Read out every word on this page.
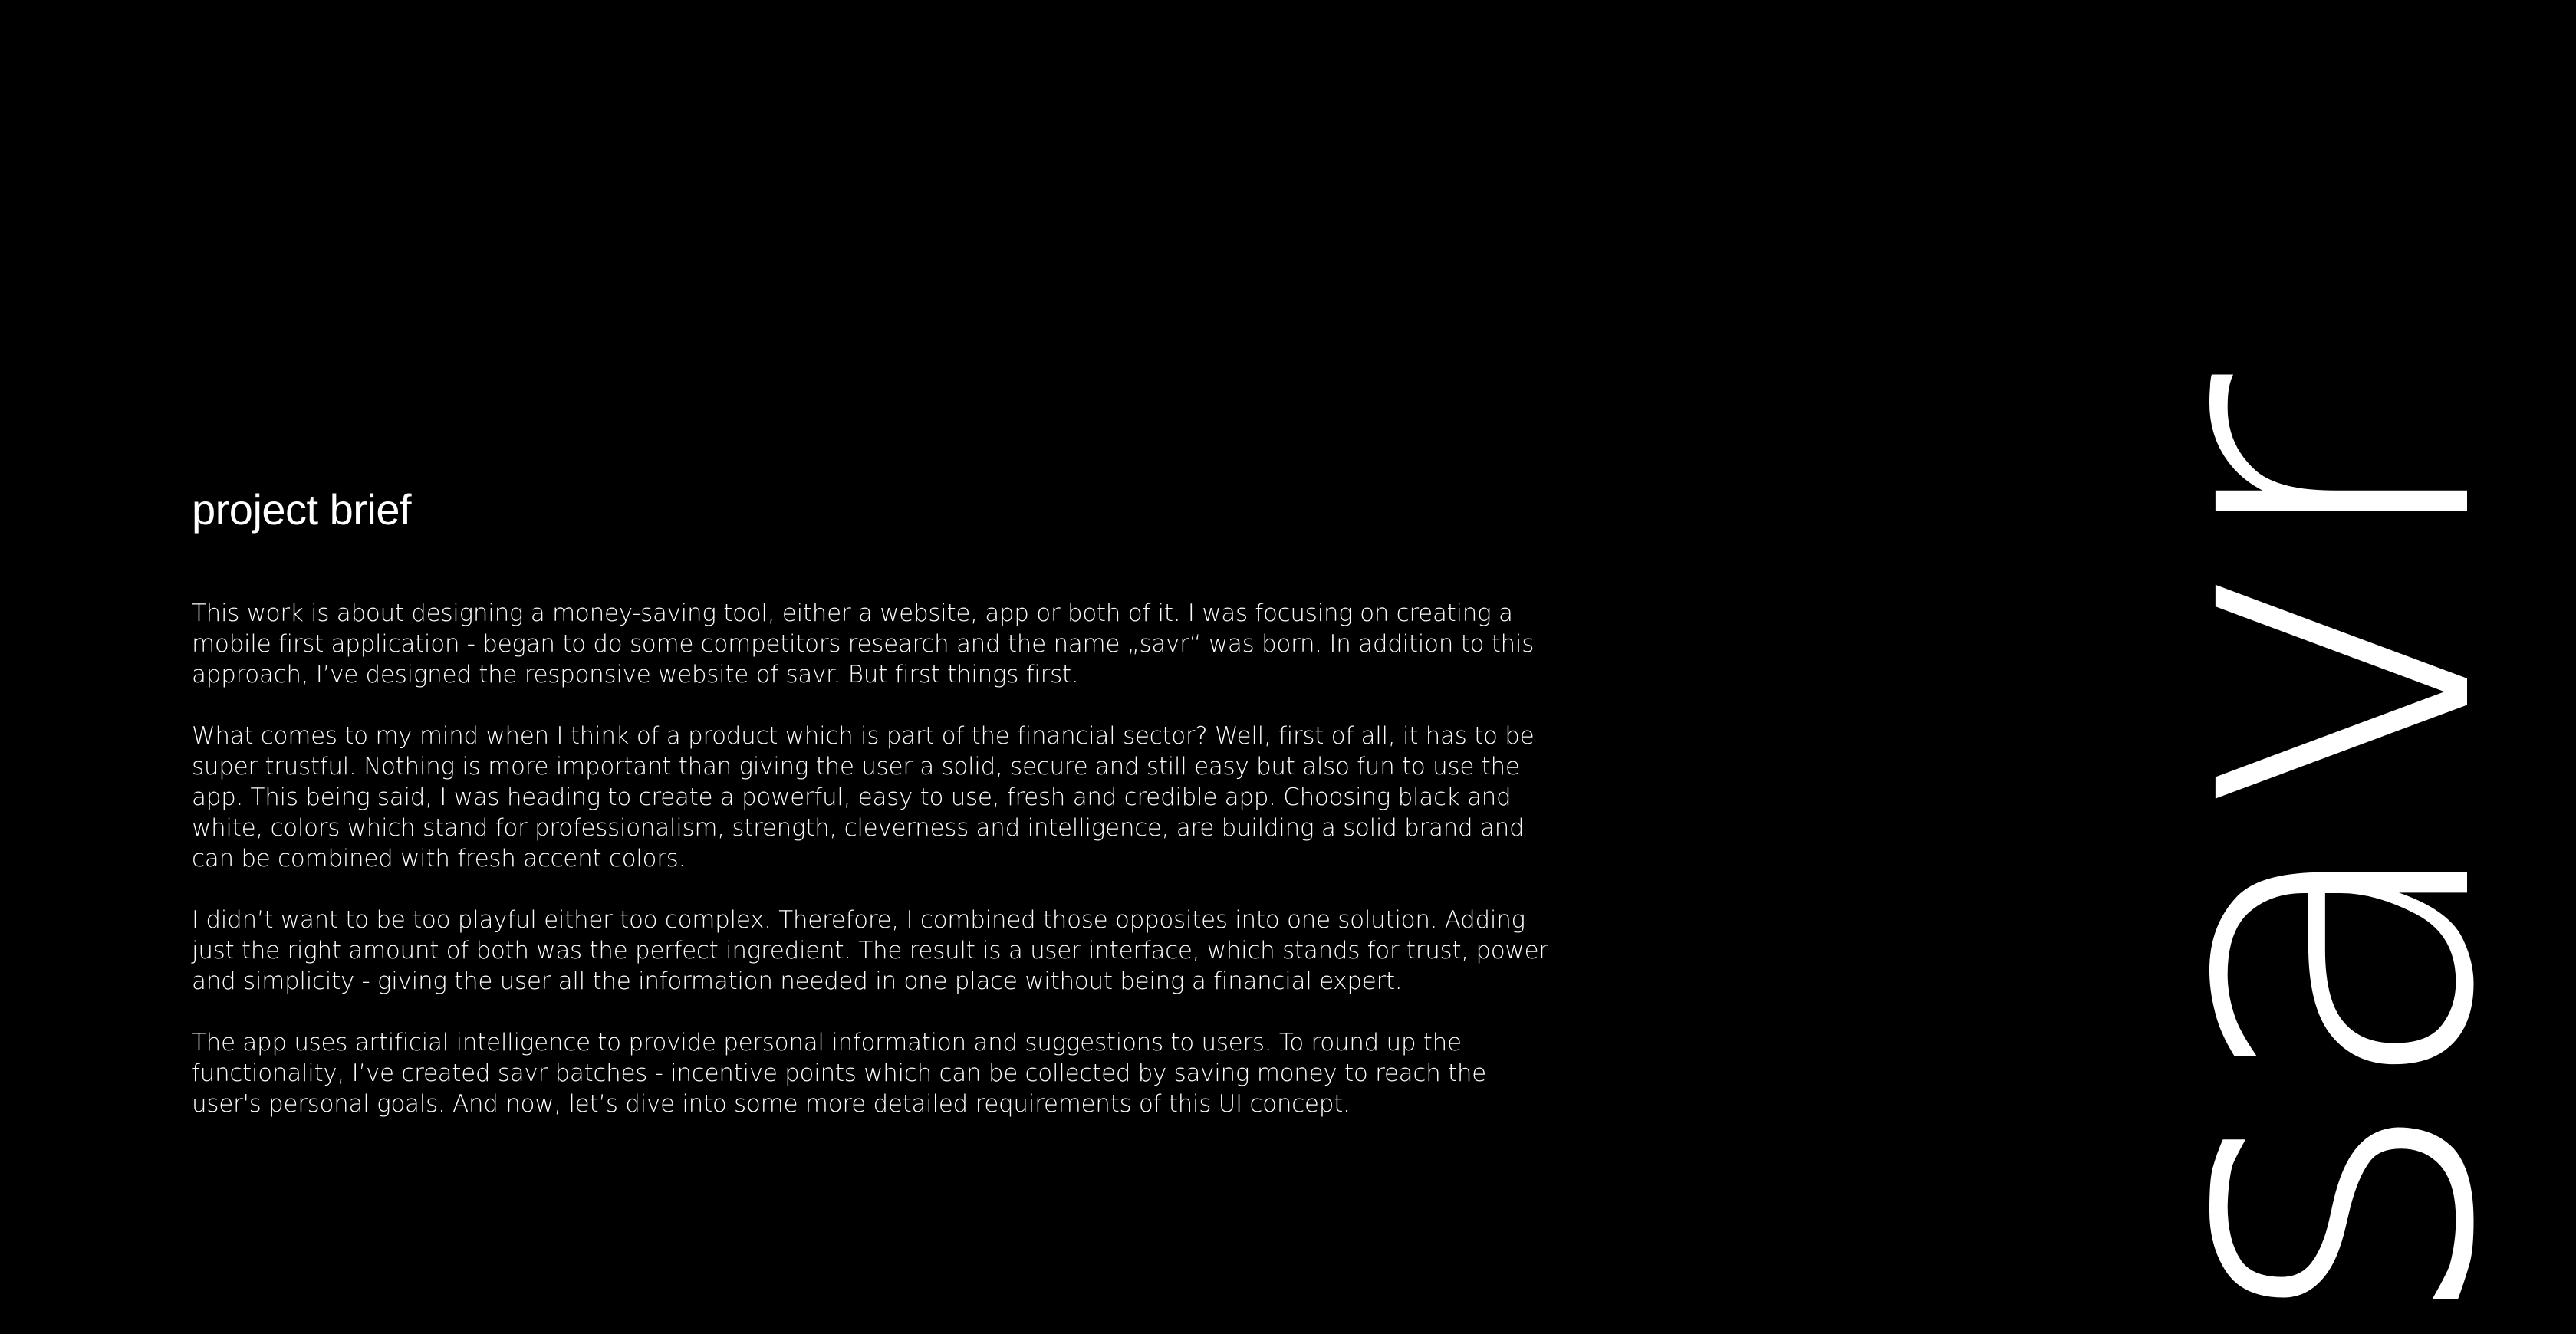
project brief

This work is about designing a money-saving tool, either a website, app or both of it. I was focusing on creating a mobile first application - began to do some competitors research and the name „savr“ was born. In addition to this approach, I’ve designed the responsive website of savr. But first things first.

What comes to my mind when I think of a product which is part of the financial sector? Well, first of all, it has to be super trustful. Nothing is more important than giving the user a solid, secure and still easy but also fun to use the app. This being said, I was heading to create a powerful, easy to use, fresh and credible app. Choosing black and white, colors which stand for professionalism, strength, cleverness and intelligence, are building a solid brand and can be combined with fresh accent colors.

I didn’t want to be too playful either too complex. Therefore, I combined those opposites into one solution. Adding just the right amount of both was the perfect ingredient. The result is a user interface, which stands for trust, power and simplicity - giving the user all the information needed in one place without being a financial expert.

The app uses artificial intelligence to provide personal information and suggestions to users. To round up the functionality, I’ve created savr batches - incentive points which can be collected by saving money to reach the user's personal goals. And now, let’s dive into some more detailed requirements of this UI concept.	savr
